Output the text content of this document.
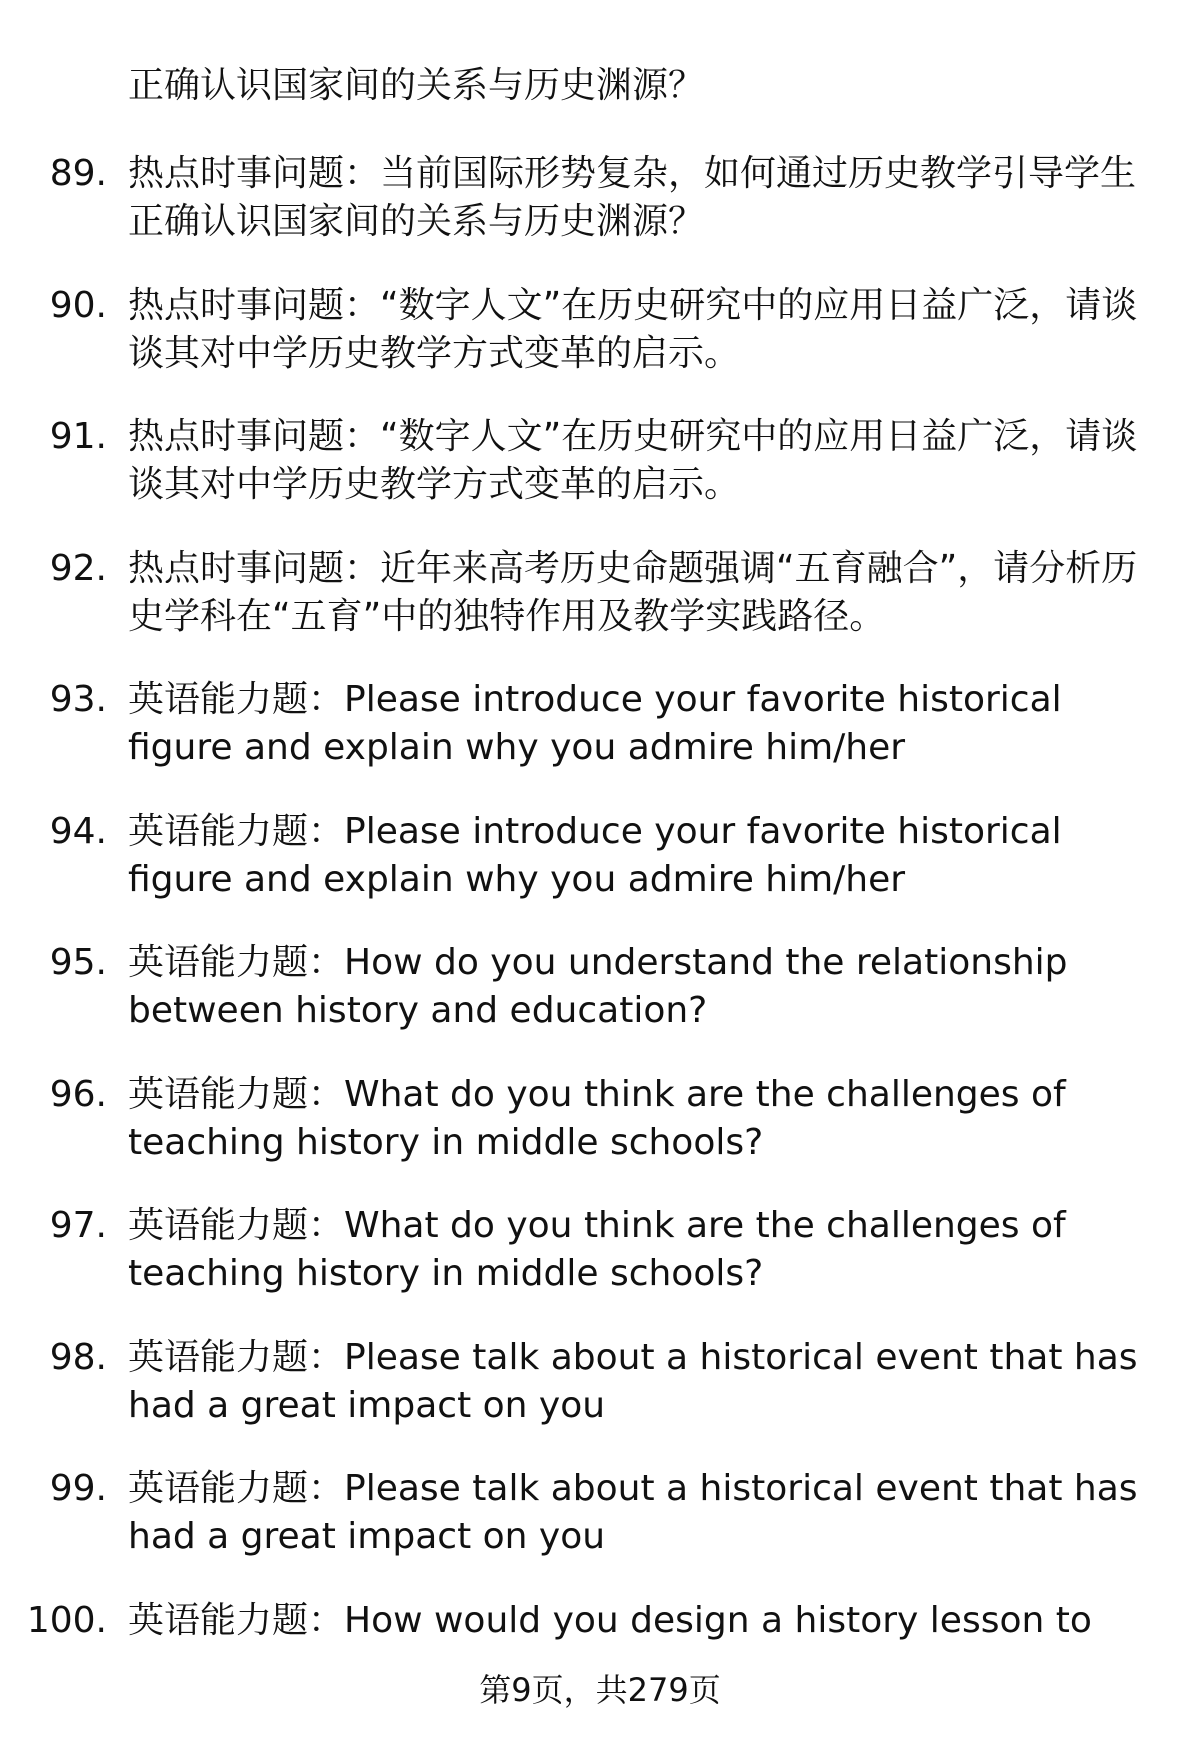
正确认识国家间的关系与历史渊源？

89. 热点时事问题：当前国际形势复杂，如何通过历史教学引导学生正确认识国家间的关系与历史渊源？

90. 热点时事问题：“数字人文”在历史研究中的应用日益广泛，请谈谈其对中学历史教学方式变革的启示。

91. 热点时事问题：“数字人文”在历史研究中的应用日益广泛，请谈谈其对中学历史教学方式变革的启示。

92. 热点时事问题：近年来高考历史命题强调“五育融合”，请分析历史学科在“五育”中的独特作用及教学实践路径。

93. 英语能力题：Please introduce your favorite historical figure and explain why you admire him/her

94. 英语能力题：Please introduce your favorite historical figure and explain why you admire him/her

95. 英语能力题：How do you understand the relationship between history and education?

96. 英语能力题：What do you think are the challenges of teaching history in middle schools?

97. 英语能力题：What do you think are the challenges of teaching history in middle schools?

98. 英语能力题：Please talk about a historical event that has had a great impact on you

99. 英语能力题：Please talk about a historical event that has had a great impact on you

100. 英语能力题：How would you design a history lesson to

第9页，共279页
